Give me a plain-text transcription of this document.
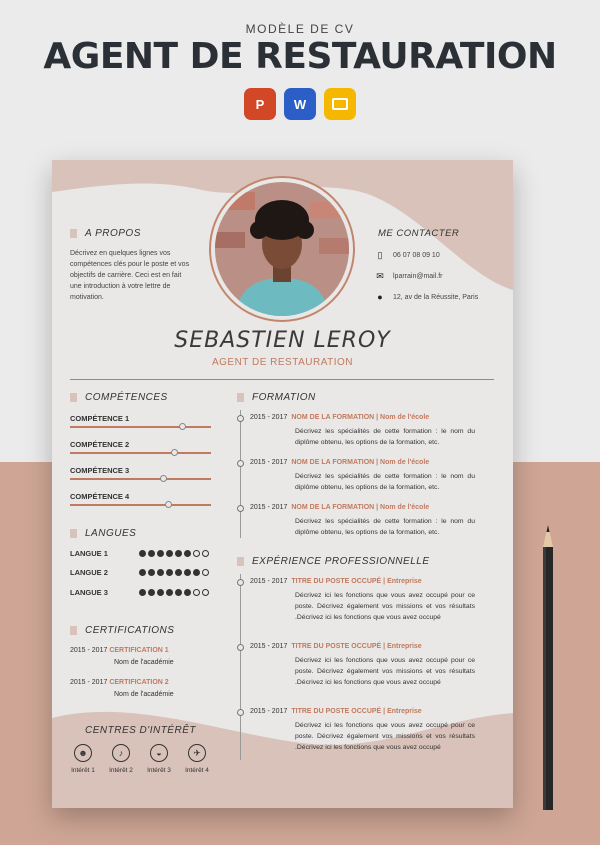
MODÈLE DE CV
AGENT DE RESTAURATION
P W
A PROPOS
Décrivez en quelques lignes vos compétences clés pour le poste et vos objectifs de carrière. Ceci est en fait une introduction à votre lettre de motivation.
ME CONTACTER
▯	06 07 08 09 10
✉ lparrain@mail.fr
●	12, av de la Réussite, Paris
SEBASTIEN LEROY
AGENT DE RESTAURATION
COMPÉTENCES
COMPÉTENCE 1
COMPÉTENCE 2
COMPÉTENCE 3
COMPÉTENCE 4
LANGUES
LANGUE 1
LANGUE 2
LANGUE 3
CERTIFICATIONS
2015 - 2017 CERTIFICATION 1
Nom de l'académie
2015 - 2017 CERTIFICATION 2
Nom de l'académie
CENTRES D'INTÉRÊT
☻
Intérêt 1
♪
Intérêt 2
◒
Intérêt 3
✈
Intérêt 4
FORMATION
2015 - 2017 NOM DE LA FORMATION | Nom de l'école
Décrivez les spécialités de cette formation : le nom du diplôme obtenu, les options de la formation, etc.
2015 - 2017 NOM DE LA FORMATION | Nom de l'école
Décrivez les spécialités de cette formation : le nom du diplôme obtenu, les options de la formation, etc.
2015 - 2017 NOM DE LA FORMATION | Nom de l'école
Décrivez les spécialités de cette formation : le nom du diplôme obtenu, les options de la formation, etc.
EXPÉRIENCE PROFESSIONNELLE
2015 - 2017 TITRE DU POSTE OCCUPÉ | Entreprise
Décrivez ici les fonctions que vous avez occupé pour ce poste. Décrivez également vos missions et vos résultats .Décrivez ici les fonctions que vous avez occupé
2015 - 2017 TITRE DU POSTE OCCUPÉ | Entreprise
Décrivez ici les fonctions que vous avez occupé pour ce poste. Décrivez également vos missions et vos résultats .Décrivez ici les fonctions que vous avez occupé
2015 - 2017 TITRE DU POSTE OCCUPÉ | Entreprise
Décrivez ici les fonctions que vous avez occupé pour ce poste. Décrivez également vos missions et vos résultats .Décrivez ici les fonctions que vous avez occupé
